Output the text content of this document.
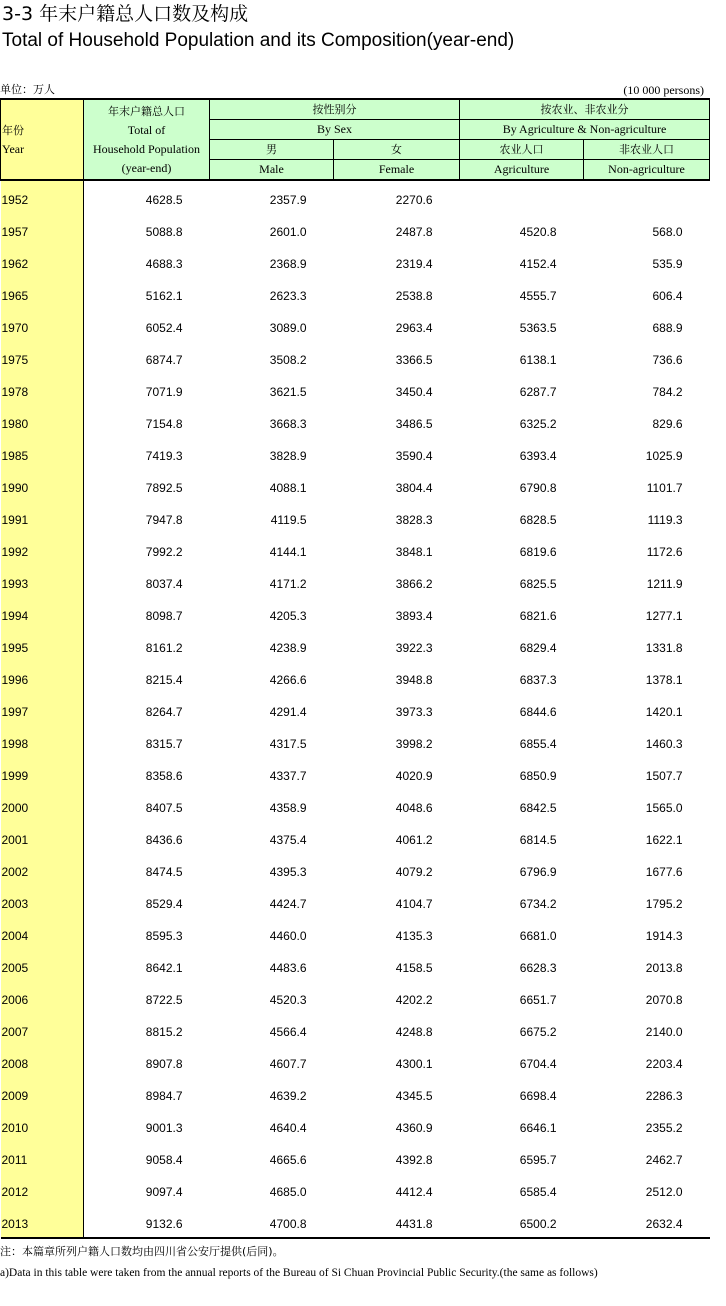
3-3 年末户籍总人口数及构成
Total of Household Population and its Composition(year-end)
单位：万人	(10 000 persons)
年份
Year	年末户籍总人口
Total of
Household Population
(year-end)	按性别分		按农业、非农业分	

		By Sex		By Agriculture & Non-agriculture	

		男	女	农业人口	非农业人口

		Male	Female	Agriculture	Non-agriculture

1952	4628.5	2357.9	2270.6		
1957	5088.8	2601.0	2487.8	4520.8	568.0
1962	4688.3	2368.9	2319.4	4152.4	535.9
1965	5162.1	2623.3	2538.8	4555.7	606.4
1970	6052.4	3089.0	2963.4	5363.5	688.9
1975	6874.7	3508.2	3366.5	6138.1	736.6
1978	7071.9	3621.5	3450.4	6287.7	784.2
1980	7154.8	3668.3	3486.5	6325.2	829.6
1985	7419.3	3828.9	3590.4	6393.4	1025.9
1990	7892.5	4088.1	3804.4	6790.8	1101.7
1991	7947.8	4119.5	3828.3	6828.5	1119.3
1992	7992.2	4144.1	3848.1	6819.6	1172.6
1993	8037.4	4171.2	3866.2	6825.5	1211.9
1994	8098.7	4205.3	3893.4	6821.6	1277.1
1995	8161.2	4238.9	3922.3	6829.4	1331.8
1996	8215.4	4266.6	3948.8	6837.3	1378.1
1997	8264.7	4291.4	3973.3	6844.6	1420.1
1998	8315.7	4317.5	3998.2	6855.4	1460.3
1999	8358.6	4337.7	4020.9	6850.9	1507.7
2000	8407.5	4358.9	4048.6	6842.5	1565.0
2001	8436.6	4375.4	4061.2	6814.5	1622.1
2002	8474.5	4395.3	4079.2	6796.9	1677.6
2003	8529.4	4424.7	4104.7	6734.2	1795.2
2004	8595.3	4460.0	4135.3	6681.0	1914.3
2005	8642.1	4483.6	4158.5	6628.3	2013.8
2006	8722.5	4520.3	4202.2	6651.7	2070.8
2007	8815.2	4566.4	4248.8	6675.2	2140.0
2008	8907.8	4607.7	4300.1	6704.4	2203.4
2009	8984.7	4639.2	4345.5	6698.4	2286.3
2010	9001.3	4640.4	4360.9	6646.1	2355.2
2011	9058.4	4665.6	4392.8	6595.7	2462.7
2012	9097.4	4685.0	4412.4	6585.4	2512.0
2013	9132.6	4700.8	4431.8	6500.2	2632.4
注：本篇章所列户籍人口数均由四川省公安厅提供(后同)。
a)Data in this table were taken from the annual reports of the Bureau of Si Chuan Provincial Public Security.(the same as follows)
